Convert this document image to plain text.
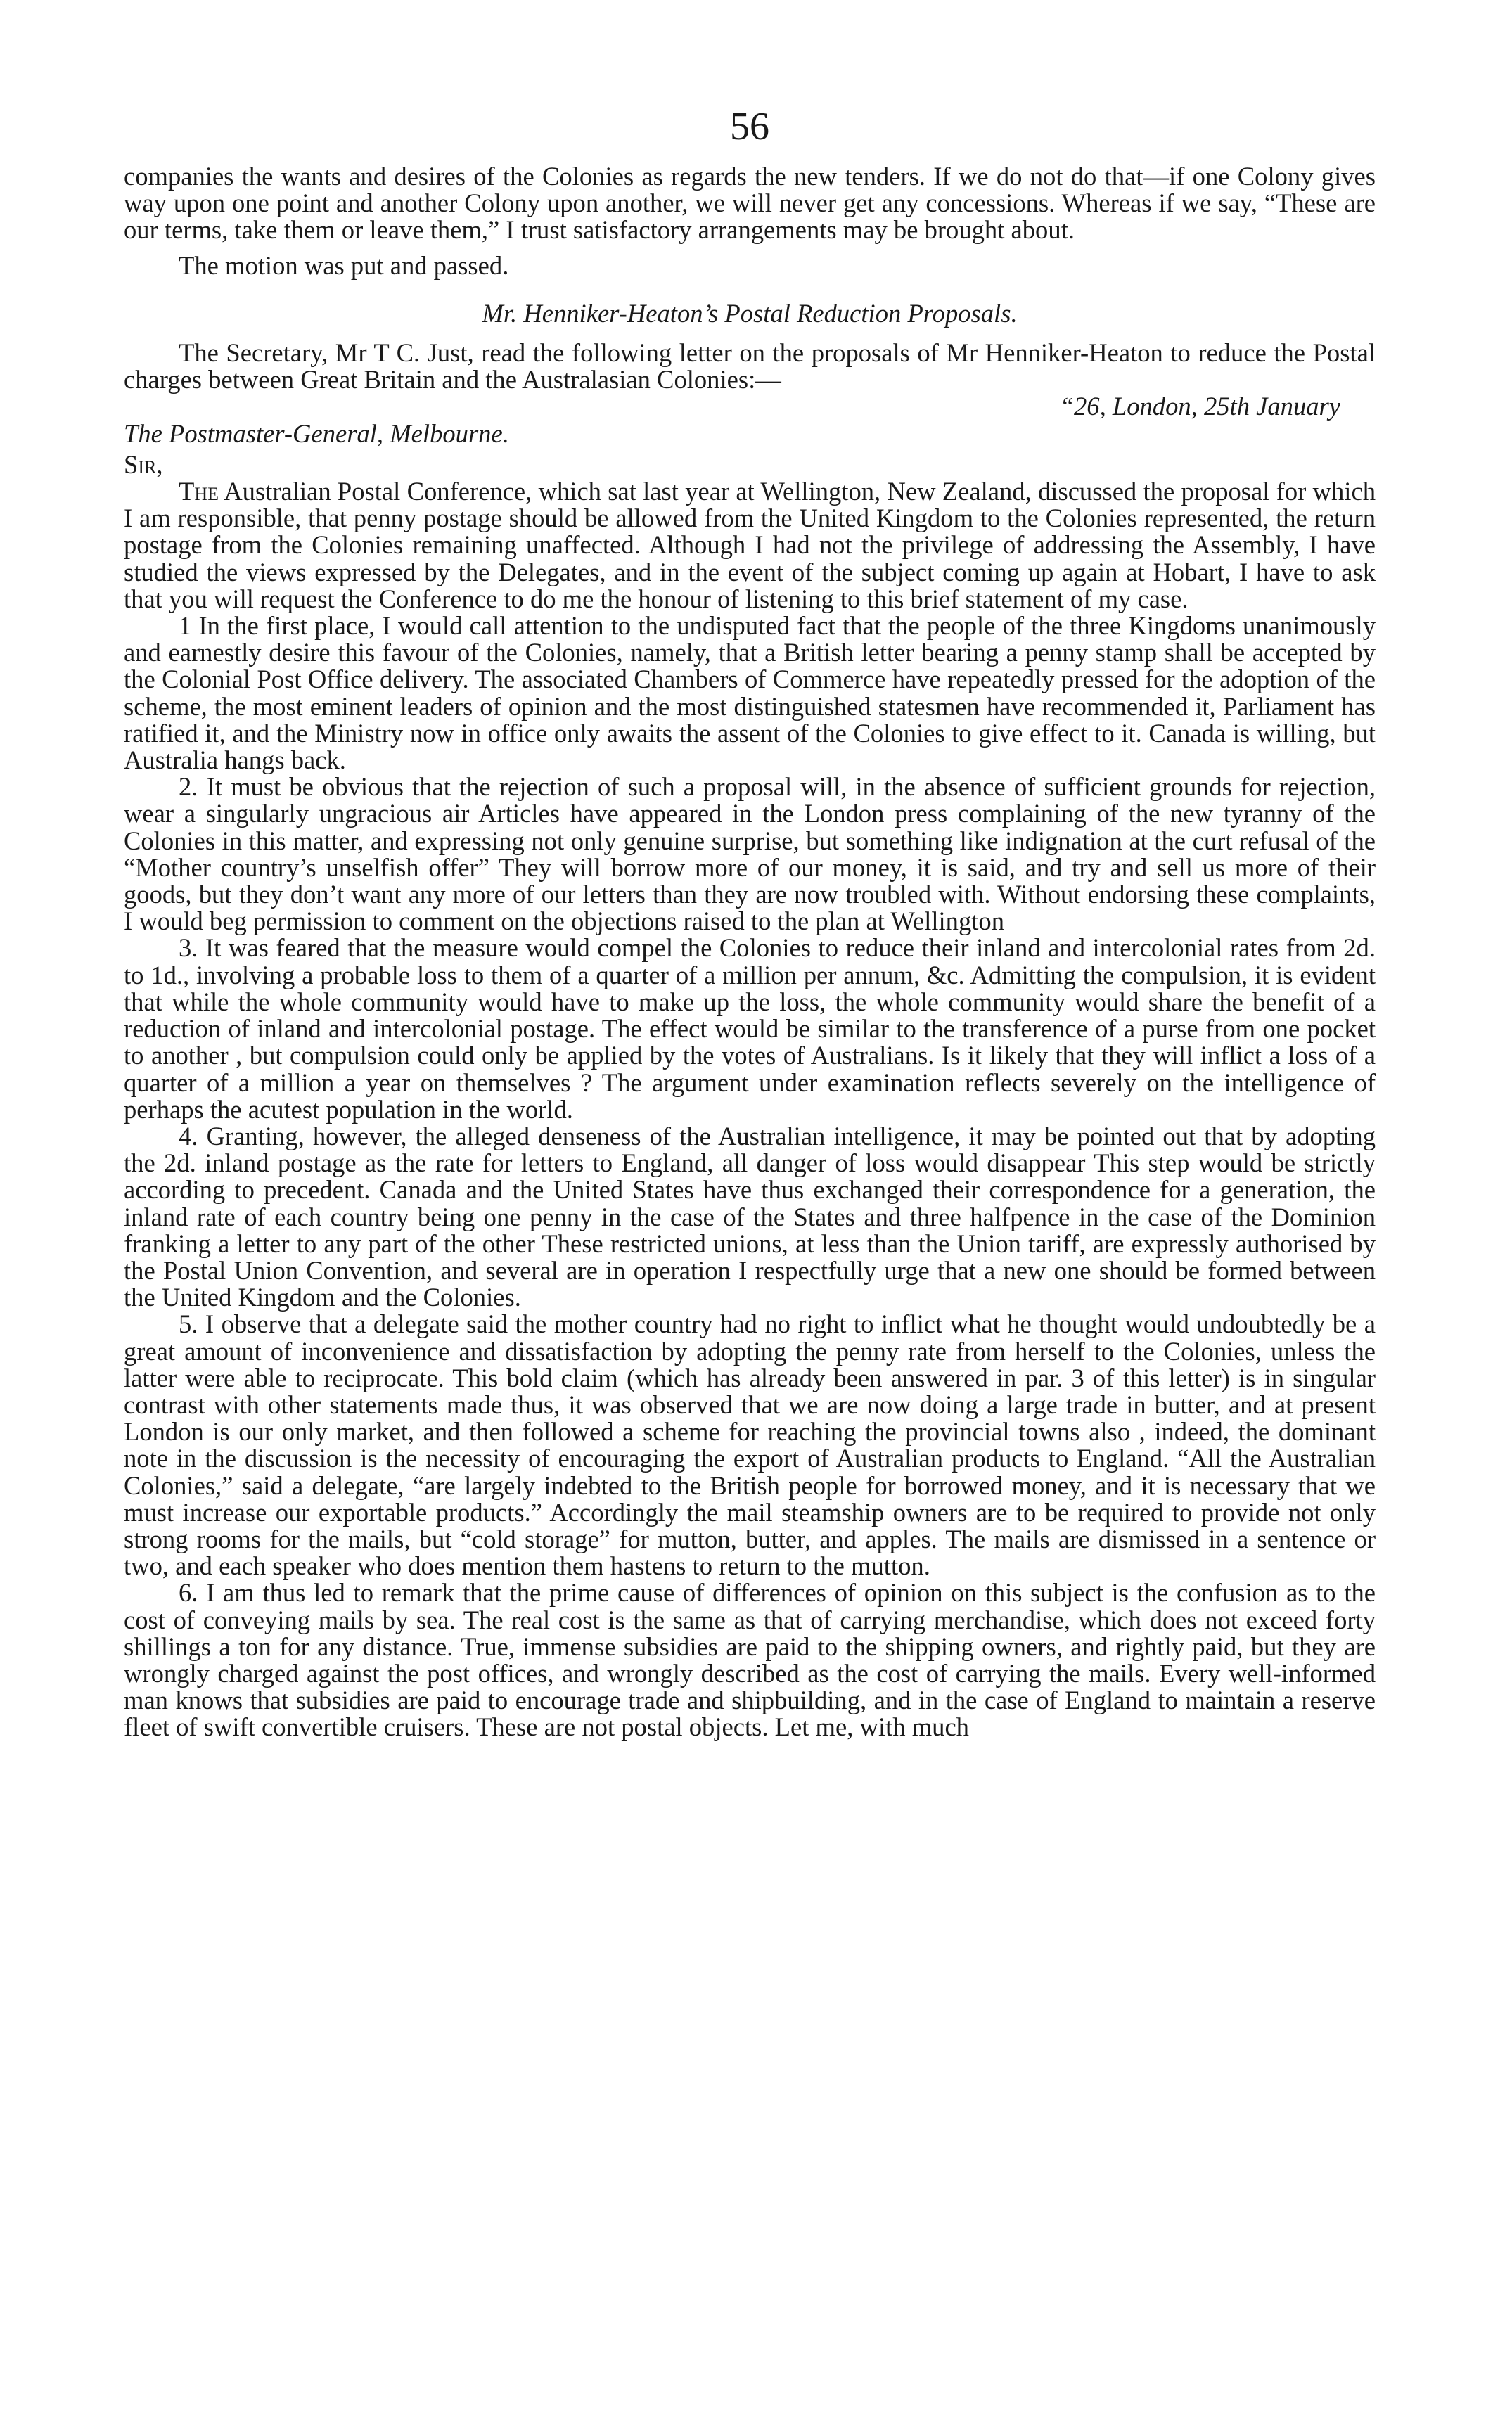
56

companies the wants and desires of the Colonies as regards the new tenders. If we do not do that—if one Colony gives way upon one point and another Colony upon another, we will never get any concessions. Whereas if we say, “These are our terms, take them or leave them,” I trust satisfactory arrangements may be brought about.

The motion was put and passed.

Mr. Henniker-Heaton’s Postal Reduction Proposals.

The Secretary, Mr T C. Just, read the following letter on the proposals of Mr Henniker-Heaton to reduce the Postal charges between Great Britain and the Australasian Colonies:—

“26, London, 25th January

The Postmaster-General, Melbourne.

Sir,

The Australian Postal Conference, which sat last year at Wellington, New Zealand, discussed the proposal for which I am responsible, that penny postage should be allowed from the United Kingdom to the Colonies represented, the return postage from the Colonies remaining unaffected. Although I had not the privilege of addressing the Assembly, I have studied the views expressed by the Delegates, and in the event of the subject coming up again at Hobart, I have to ask that you will request the Conference to do me the honour of listening to this brief statement of my case.

1 In the first place, I would call attention to the undisputed fact that the people of the three Kingdoms unanimously and earnestly desire this favour of the Colonies, namely, that a British letter bearing a penny stamp shall be accepted by the Colonial Post Office delivery. The associated Chambers of Commerce have repeatedly pressed for the adoption of the scheme, the most eminent leaders of opinion and the most distinguished statesmen have recommended it, Parliament has ratified it, and the Ministry now in office only awaits the assent of the Colonies to give effect to it. Canada is willing, but Australia hangs back.

2. It must be obvious that the rejection of such a proposal will, in the absence of sufficient grounds for rejection, wear a singularly ungracious air Articles have appeared in the London press complaining of the new tyranny of the Colonies in this matter, and expressing not only genuine surprise, but something like indignation at the curt refusal of the “Mother country’s unselfish offer” They will borrow more of our money, it is said, and try and sell us more of their goods, but they don’t want any more of our letters than they are now troubled with. Without endorsing these complaints, I would beg permission to comment on the objections raised to the plan at Wellington

3. It was feared that the measure would compel the Colonies to reduce their inland and intercolonial rates from 2d. to 1d., involving a probable loss to them of a quarter of a million per annum, &c. Admitting the compulsion, it is evident that while the whole community would have to make up the loss, the whole community would share the benefit of a reduction of inland and intercolonial postage. The effect would be similar to the transference of a purse from one pocket to another , but compulsion could only be applied by the votes of Australians. Is it likely that they will inflict a loss of a quarter of a million a year on themselves ? The argument under examination reflects severely on the intelligence of perhaps the acutest population in the world.

4. Granting, however, the alleged denseness of the Australian intelligence, it may be pointed out that by adopting the 2d. inland postage as the rate for letters to England, all danger of loss would disappear This step would be strictly according to precedent. Canada and the United States have thus exchanged their correspondence for a generation, the inland rate of each country being one penny in the case of the States and three halfpence in the case of the Dominion franking a letter to any part of the other These restricted unions, at less than the Union tariff, are expressly authorised by the Postal Union Convention, and several are in operation I respectfully urge that a new one should be formed between the United Kingdom and the Colonies.

5. I observe that a delegate said the mother country had no right to inflict what he thought would undoubtedly be a great amount of inconvenience and dissatisfaction by adopting the penny rate from herself to the Colonies, unless the latter were able to reciprocate. This bold claim (which has already been answered in par. 3 of this letter) is in singular contrast with other statements made thus, it was observed that we are now doing a large trade in butter, and at present London is our only market, and then followed a scheme for reaching the provincial towns also , indeed, the dominant note in the discussion is the necessity of encouraging the export of Australian products to England. “All the Australian Colonies,” said a delegate, “are largely indebted to the British people for borrowed money, and it is necessary that we must increase our exportable products.” Accordingly the mail steamship owners are to be required to provide not only strong rooms for the mails, but “cold storage” for mutton, butter, and apples. The mails are dismissed in a sentence or two, and each speaker who does mention them hastens to return to the mutton.

6. I am thus led to remark that the prime cause of differences of opinion on this subject is the confusion as to the cost of conveying mails by sea. The real cost is the same as that of carrying merchandise, which does not exceed forty shillings a ton for any distance. True, immense subsidies are paid to the shipping owners, and rightly paid, but they are wrongly charged against the post offices, and wrongly described as the cost of carrying the mails. Every well-informed man knows that subsidies are paid to encourage trade and shipbuilding, and in the case of England to maintain a reserve fleet of swift convertible cruisers. These are not postal objects. Let me, with much
